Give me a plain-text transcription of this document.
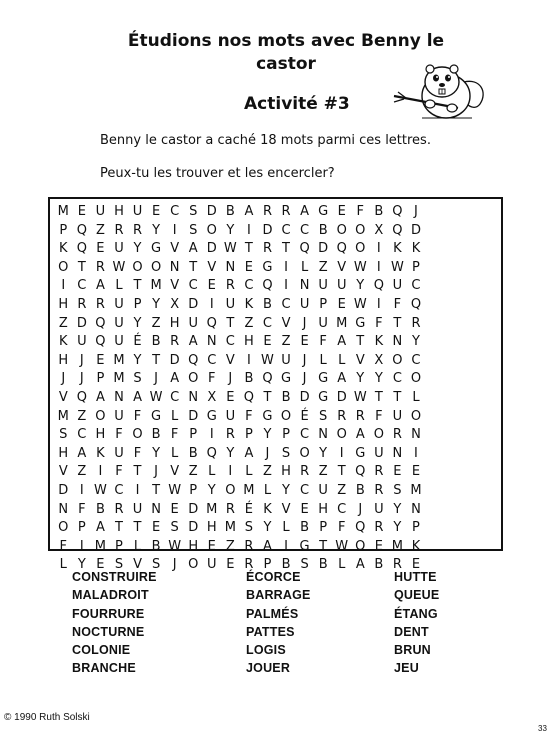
Étudions nos mots avec Benny le castor
Activité #3
Benny le castor a caché 18 mots parmi ces lettres.
Peux-tu les trouver et les encercler?
M E U H U E C S D B A R R A G E F B Q J
P Q Z R R Y I S O Y I D C C B O O X Q D
K Q E U Y G V A D W T R T Q D Q O I K K
O T R W O O N T V N E G I	L Z V W I W P
I C A L T M V C E R C Q I N U U Y Q U C
H R R U P Y X D I U K B C U P E W I F Q
Z D Q U Y Z H U Q T Z C V J U M G F T R
K U Q U É B R A N C H E Z E F A T K N Y
H J E M Y T D Q C V I W U J	L L V X O C
J	J P M S J A O F J B Q G J G A Y Y C O
V Q A N A W C N X E Q T B D G D W T T L
M Z O U F G L D G U F G O É S R R F U O
S C H F O B F P I R P Y P C N O A O R N
H A K U F Y L B Q Y A J S O Y I G U N I
V Z I F T J V Z L	I	L Z H R Z T Q R E E
D I W C I T W P Y O M L Y C U Z B R S M
N F B R U N E D M R É K V E H C J U Y N
O P A T T E S D H M S Y L B P F Q R Y P
F I M P L B W H E Z R A I G T W O E M K
L Y E S V S J O U E R P B S B L A B R E
CONSTRUIRE
MALADROIT
FOURRURE
NOCTURNE
COLONIE
BRANCHE
ÉCORCE
BARRAGE
PALMÉS
PATTES
LOGIS
JOUER
HUTTE
QUEUE
ÉTANG
DENT
BRUN
JEU
© 1990 Ruth Solski
33
